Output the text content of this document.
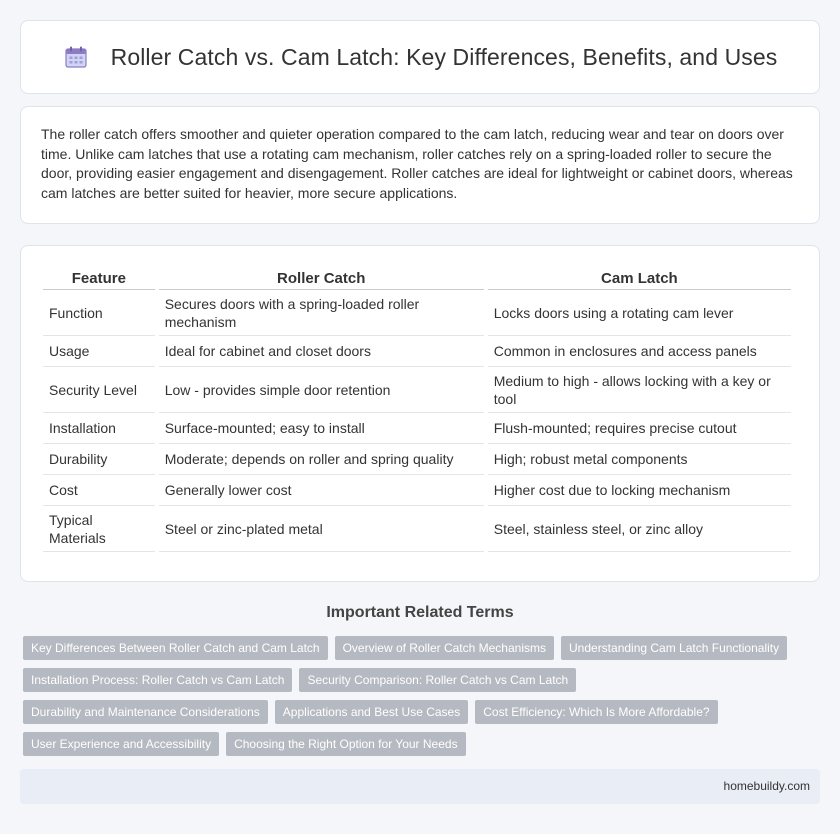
Roller Catch vs. Cam Latch: Key Differences, Benefits, and Uses

The roller catch offers smoother and quieter operation compared to the cam latch, reducing wear and tear on doors over time. Unlike cam latches that use a rotating cam mechanism, roller catches rely on a spring-loaded roller to secure the door, providing easier engagement and disengagement. Roller catches are ideal for lightweight or cabinet doors, whereas cam latches are better suited for heavier, more secure applications.

Feature	Roller Catch	Cam Latch
Function	Secures doors with a spring-loaded roller mechanism	Locks doors using a rotating cam lever
Usage	Ideal for cabinet and closet doors	Common in enclosures and access panels
Security Level	Low - provides simple door retention	Medium to high - allows locking with a key or tool
Installation	Surface-mounted; easy to install	Flush-mounted; requires precise cutout
Durability	Moderate; depends on roller and spring quality	High; robust metal components
Cost	Generally lower cost	Higher cost due to locking mechanism
Typical Materials	Steel or zinc-plated metal	Steel, stainless steel, or zinc alloy
Important Related Terms
Key Differences Between Roller Catch and Cam Latch	Overview of Roller Catch Mechanisms	Understanding Cam Latch Functionality
Installation Process: Roller Catch vs Cam Latch	Security Comparison: Roller Catch vs Cam Latch
Durability and Maintenance Considerations	Applications and Best Use Cases	Cost Efficiency: Which Is More Affordable?
User Experience and Accessibility	Choosing the Right Option for Your Needs
homebuildy.com
